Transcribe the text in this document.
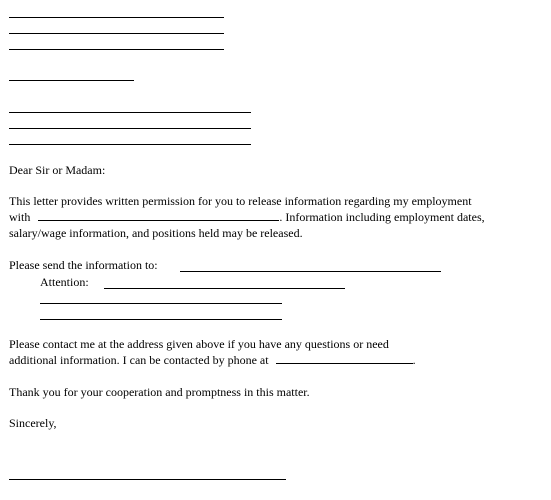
Dear Sir or Madam:
This letter provides written permission for you to release information regarding my employment
with	. Information including employment dates,
salary/wage information, and positions held may be released.
Please send the information to:
Attention:
Please contact me at the address given above if you have any questions or need
additional information. I can be contacted by phone at	.
Thank you for your cooperation and promptness in this matter.
Sincerely,
